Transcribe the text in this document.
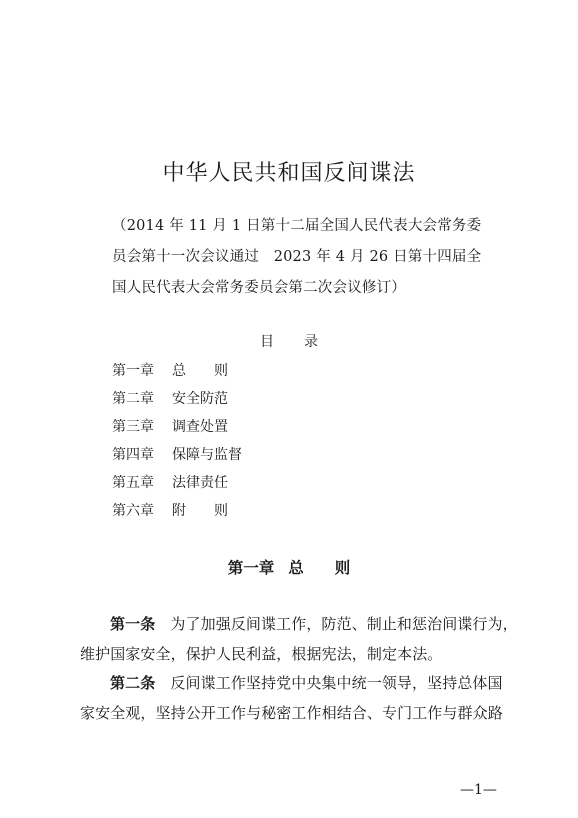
中华人民共和国反间谍法
（2014 年 11 月 1 日第十二届全国人民代表大会常务委
员会第十一次会议通过　2023 年 4 月 26 日第十四届全
国人民代表大会常务委员会第二次会议修订）
目 录
第一章 总　　则
第二章 安全防范
第三章 调查处置
第四章 保障与监督
第五章 法律责任
第六章 附　　则
第一章 总　　则
第一条　 为了加强反间谍工作，防范、制止和惩治间谍行为，
维护国家安全，保护人民利益，根据宪法，制定本法。
第二条　 反间谍工作坚持党中央集中统一领导，坚持总体国
家安全观，坚持公开工作与秘密工作相结合、专门工作与群众路
—1—
